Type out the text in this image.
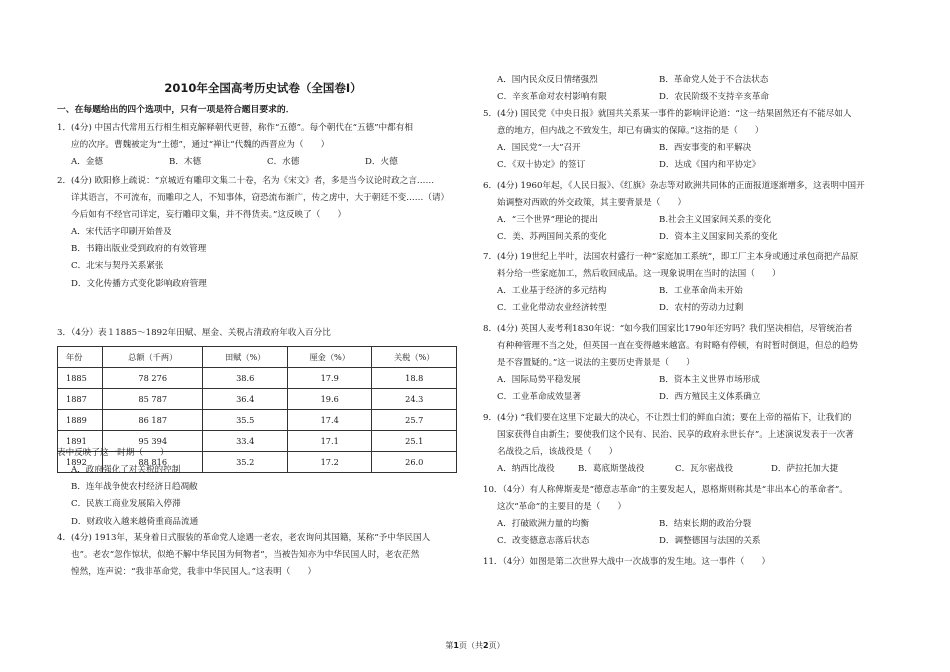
2010年全国高考历史试卷（全国卷Ⅰ）
一、在每题给出的四个选项中，只有一项是符合题目要求的．
1．(4分) 中国古代常用五行相生相克解释朝代更替，称作“五德”。每个朝代在“五德”中都有相
应的次序。曹魏被定为“土德”，通过“禅让”代魏的西晋应为（　　）
A．金德	B．木德	C．水德	D．火德
2．(4分) 欧阳修上疏说：“京城近有雕印文集二十卷，名为《宋文》者，多是当今议论时政之言……
详其语言，不可流布，而雕印之人，不知事体，窃恐流布渐广，传之虏中，大于朝廷不变……（请）
今后如有不经官司详定，妄行雕印文集，并不得货卖。”这反映了（　　）
A．宋代活字印刷开始普及
B．书籍出版业受到政府的有效管理
C．北宋与契丹关系紧张
D．文化传播方式变化影响政府管理
3．（4分）表１1885～1892年田赋、厘金、关税占清政府年收入百分比
年份	总额（千两）	田赋（%）	厘金（%）	关税（%）
1885	78 276	38.6	17.9	18.8
1887	85 787	36.4	19.6	24.3
1889	86 187	35.5	17.4	25.7
1891	95 394	33.4	17.1	25.1
1892	88 816	35.2	17.2	26.0
表中反映了这一时期（　　）
A．政府强化了对关税的控制
B．连年战争使农村经济日趋凋敝
C．民族工商业发展陷入停滞
D．财政收入越来越倚重商品流通
4．(4分) 1913年，某身着日式服装的革命党人途遇一老农，老农询问其国籍，某称“予中华民国人
也”。老农“忽作惊状，似绝不解中华民国为何物者”，当被告知亦为中华民国人时，老农茫然
惶然，连声说：“我非革命党，我非中华民国人。”这表明（　　）
A．国内民众反日情绪强烈	B．革命党人处于不合法状态
C．辛亥革命对农村影响有限	D．农民阶级不支持辛亥革命
5．(4分) 国民党《中央日报》就国共关系某一事件的影响评论道：“这一结果固然还有不能尽如人
意的地方，但内战之不致发生，却已有确实的保障。”这指的是（　　）
A．国民党“一大”召开	B．西安事变的和平解决
C．《双十协定》的签订	D．达成《国内和平协定》
6．(4分) 1960年起，《人民日报》、《红旗》杂志等对欧洲共同体的正面报道逐渐增多，这表明中国开
始调整对西欧的外交政策，其主要背景是（　　）
A．“三个世界”理论的提出	B.社会主义国家间关系的变化
C．美、苏两国间关系的变化	D．资本主义国家间关系的变化
7．(4分) 19世纪上半叶，法国农村盛行一种“家庭加工系统”，即工厂主本身或通过承包商把产品原
料分给一些家庭加工，然后收回成品。这一现象说明在当时的法国（　　）
A．工业基于经济的多元结构	B．工业革命尚未开始
C．工业化带动农业经济转型	D．农村的劳动力过剩
8．(4分) 英国人麦考利1830年说：“如今我们国家比1790年还穷吗？我们坚决相信，尽管统治者
有种种管理不当之处，但英国一直在变得越来越富。有时略有停顿，有时暂时倒退，但总的趋势
是不容置疑的。”这一说法的主要历史背景是（　　）
A．国际局势平稳发展	B．资本主义世界市场形成
C．工业革命成效显著	D．西方殖民主义体系确立
9．(4分) “我们要在这里下定最大的决心，不让烈士们的鲜血白流；要在上帝的福佑下，让我们的
国家获得自由新生；要使我们这个民有、民治、民享的政府永世长存”。上述演说发表于一次著
名战役之后，该战役是（　　）
A．纳西比战役	B．葛底斯堡战役	C．瓦尔密战役	D．萨拉托加大捷
10．（4分）有人称俾斯麦是“德意志革命”的主要发起人，恩格斯则称其是“非出本心的革命者”。
这次“革命”的主要目的是（　　）
A．打破欧洲力量的均衡	B．结束长期的政治分裂
C．改变德意志落后状态	D．调整德国与法国的关系
11．（4分）如图是第二次世界大战中一次战事的发生地。这一事件（　　）
第1页（共2页）
